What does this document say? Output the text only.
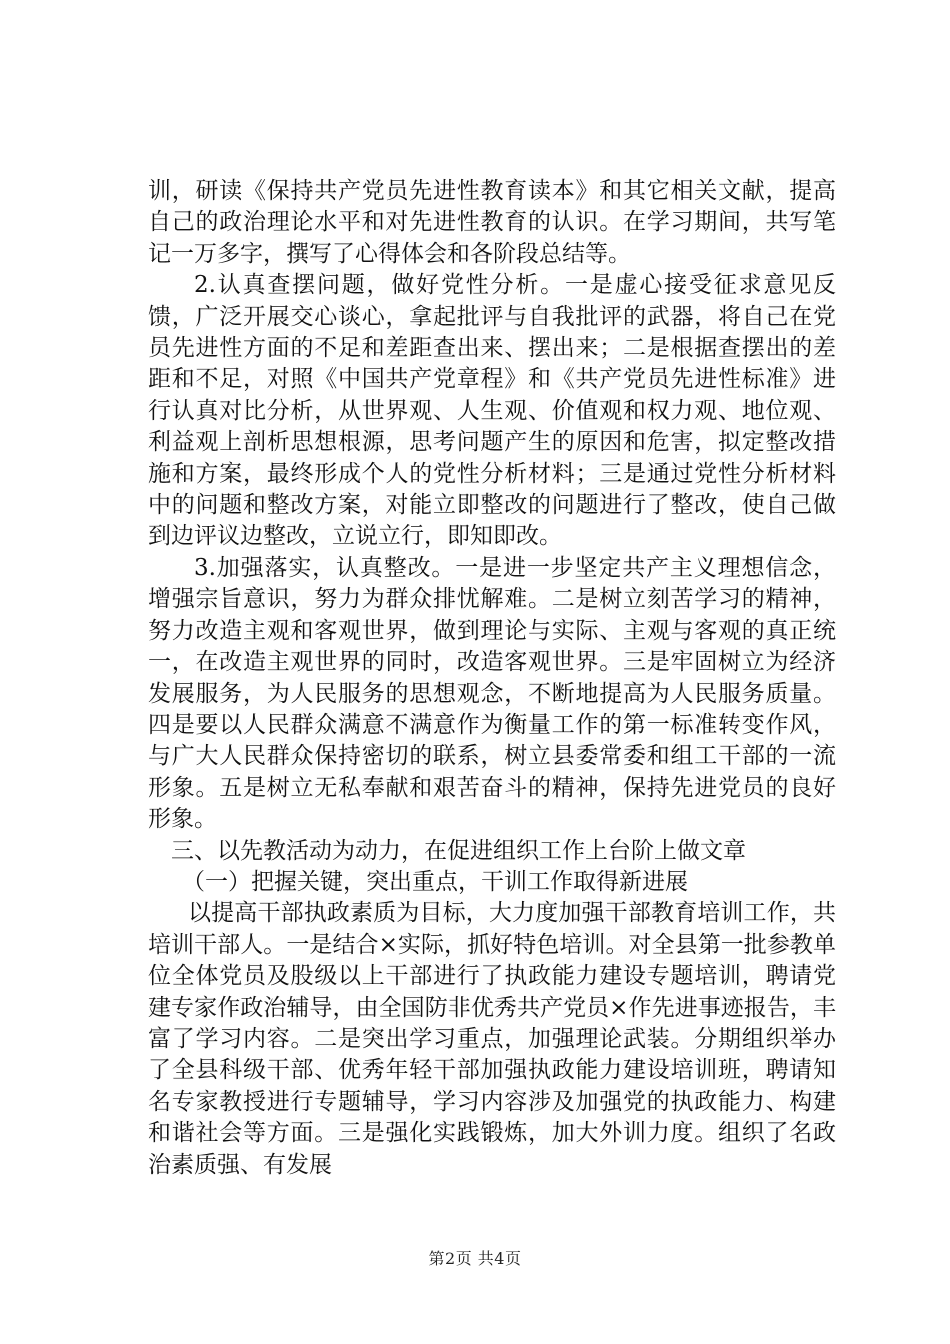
训，研读《保持共产党员先进性教育读本》和其它相关文献，提高自己的政治理论水平和对先进性教育的认识。在学习期间，共写笔记一万多字，撰写了心得体会和各阶段总结等。

2.认真查摆问题，做好党性分析。一是虚心接受征求意见反馈，广泛开展交心谈心，拿起批评与自我批评的武器，将自己在党员先进性方面的不足和差距查出来、摆出来；二是根据查摆出的差距和不足，对照《中国共产党章程》和《共产党员先进性标准》进行认真对比分析，从世界观、人生观、价值观和权力观、地位观、利益观上剖析思想根源，思考问题产生的原因和危害，拟定整改措施和方案，最终形成个人的党性分析材料；三是通过党性分析材料中的问题和整改方案，对能立即整改的问题进行了整改，使自己做到边评议边整改，立说立行，即知即改。

3.加强落实，认真整改。一是进一步坚定共产主义理想信念，增强宗旨意识，努力为群众排忧解难。二是树立刻苦学习的精神，努力改造主观和客观世界，做到理论与实际、主观与客观的真正统一，在改造主观世界的同时，改造客观世界。三是牢固树立为经济发展服务，为人民服务的思想观念，不断地提高为人民服务质量。四是要以人民群众满意不满意作为衡量工作的第一标准转变作风，与广大人民群众保持密切的联系，树立县委常委和组工干部的一流形象。五是树立无私奉献和艰苦奋斗的精神，保持先进党员的良好形象。

三、以先教活动为动力，在促进组织工作上台阶上做文章

（一）把握关键，突出重点，干训工作取得新进展

以提高干部执政素质为目标，大力度加强干部教育培训工作，共培训干部人。一是结合×实际，抓好特色培训。对全县第一批参教单位全体党员及股级以上干部进行了执政能力建设专题培训，聘请党建专家作政治辅导，由全国防非优秀共产党员×作先进事迹报告，丰富了学习内容。二是突出学习重点，加强理论武装。分期组织举办了全县科级干部、优秀年轻干部加强执政能力建设培训班，聘请知名专家教授进行专题辅导，学习内容涉及加强党的执政能力、构建和谐社会等方面。三是强化实践锻炼，加大外训力度。组织了名政治素质强、有发展

第2页 共4页
